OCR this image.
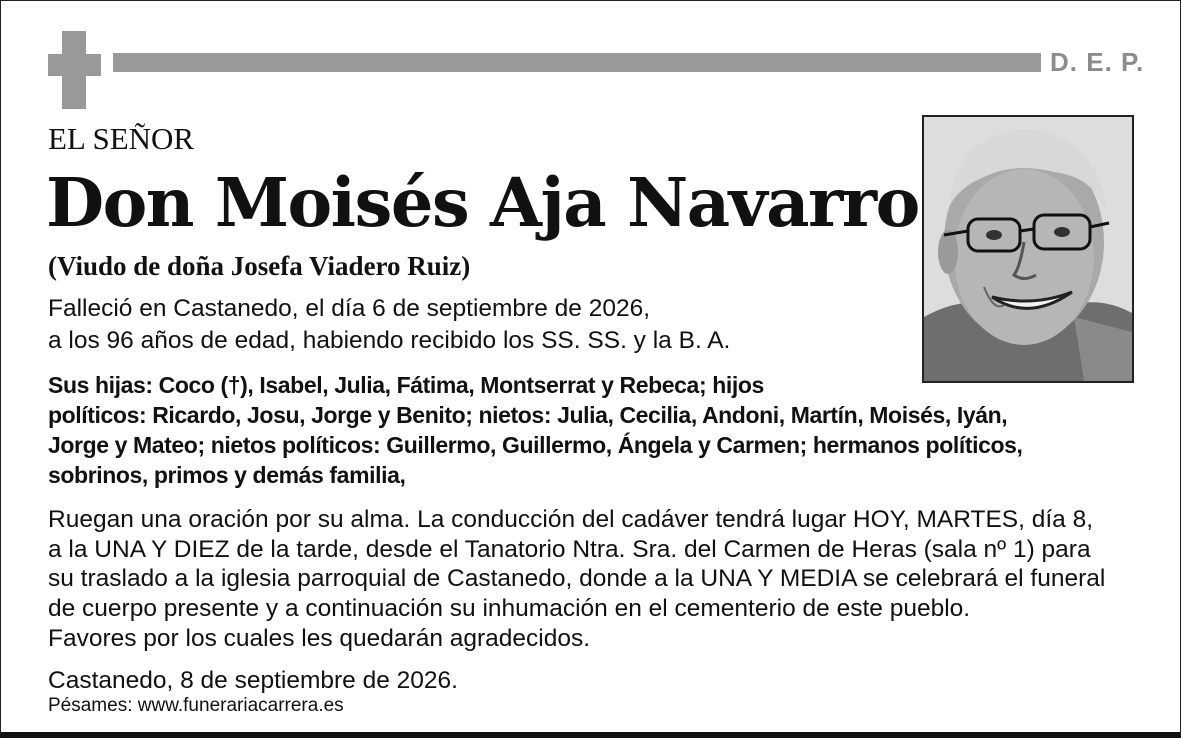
D. E. P.
EL SEÑOR
Don Moisés Aja Navarro
(Viudo de doña Josefa Viadero Ruiz)
Falleció en Castanedo, el día 6 de septiembre de 2026,
a los 96 años de edad, habiendo recibido los SS. SS. y la B. A.
Sus hijas: Coco (†), Isabel, Julia, Fátima, Montserrat y Rebeca; hijos
políticos: Ricardo, Josu, Jorge y Benito; nietos: Julia, Cecilia, Andoni, Martín, Moisés, Iyán,
Jorge y Mateo; nietos políticos: Guillermo, Guillermo, Ángela y Carmen; hermanos políticos,
sobrinos, primos y demás familia,
Ruegan una oración por su alma. La conducción del cadáver tendrá lugar HOY, MARTES, día 8,
a la UNA Y DIEZ de la tarde, desde el Tanatorio Ntra. Sra. del Carmen de Heras (sala nº 1) para
su traslado a la iglesia parroquial de Castanedo, donde a la UNA Y MEDIA se celebrará el funeral
de cuerpo presente y a continuación su inhumación en el cementerio de este pueblo.
Favores por los cuales les quedarán agradecidos.
Castanedo, 8 de septiembre de 2026.
Pésames: www.funerariacarrera.es
